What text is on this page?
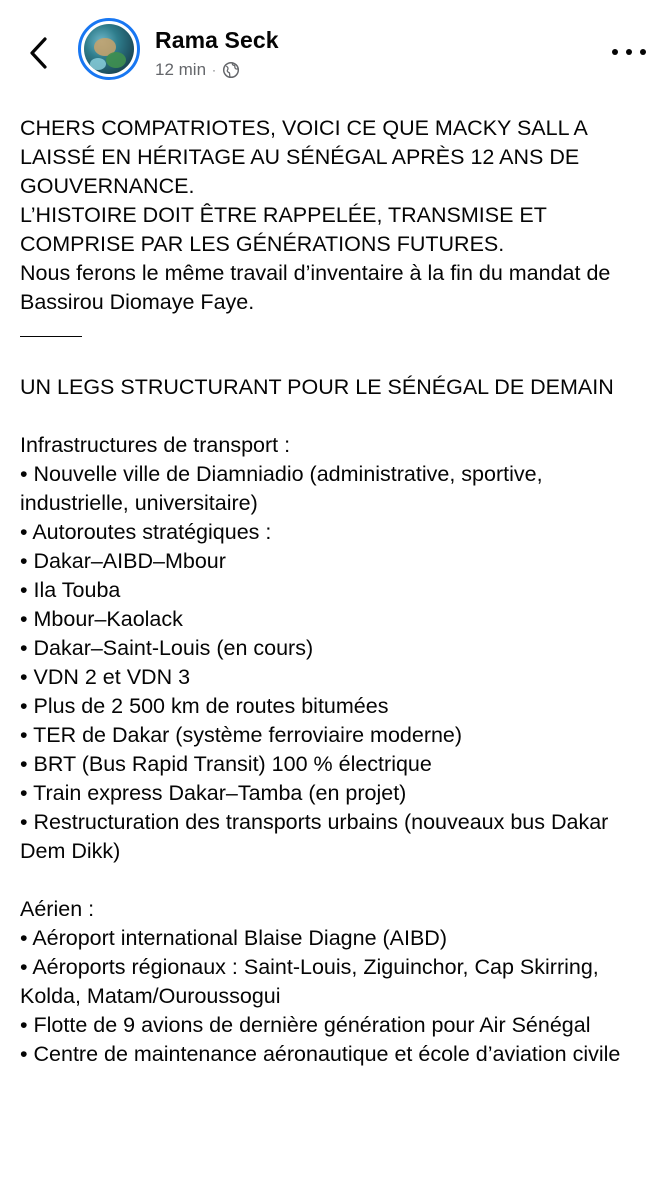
Rama Seck
12 min ·

CHERS COMPATRIOTES, VOICI CE QUE MACKY SALL A LAISSÉ EN HÉRITAGE AU SÉNÉGAL APRÈS 12 ANS DE GOUVERNANCE.

L’HISTOIRE DOIT ÊTRE RAPPELÉE, TRANSMISE ET COMPRISE PAR LES GÉNÉRATIONS FUTURES.

Nous ferons le même travail d’inventaire à la fin du mandat de Bassirou Diomaye Faye.

UN LEGS STRUCTURANT POUR LE SÉNÉGAL DE DEMAIN

Infrastructures de transport :

• Nouvelle ville de Diamniadio (administrative, sportive, industrielle, universitaire)

• Autoroutes stratégiques :

• Dakar–AIBD–Mbour

• Ila Touba

• Mbour–Kaolack

• Dakar–Saint-Louis (en cours)

• VDN 2 et VDN 3

• Plus de 2 500 km de routes bitumées

• TER de Dakar (système ferroviaire moderne)

• BRT (Bus Rapid Transit) 100 % électrique

• Train express Dakar–Tamba (en projet)

• Restructuration des transports urbains (nouveaux bus Dakar Dem Dikk)

Aérien :

• Aéroport international Blaise Diagne (AIBD)

• Aéroports régionaux : Saint-Louis, Ziguinchor, Cap Skirring, Kolda, Matam/Ouroussogui

• Flotte de 9 avions de dernière génération pour Air Sénégal

• Centre de maintenance aéronautique et école d’aviation civile
